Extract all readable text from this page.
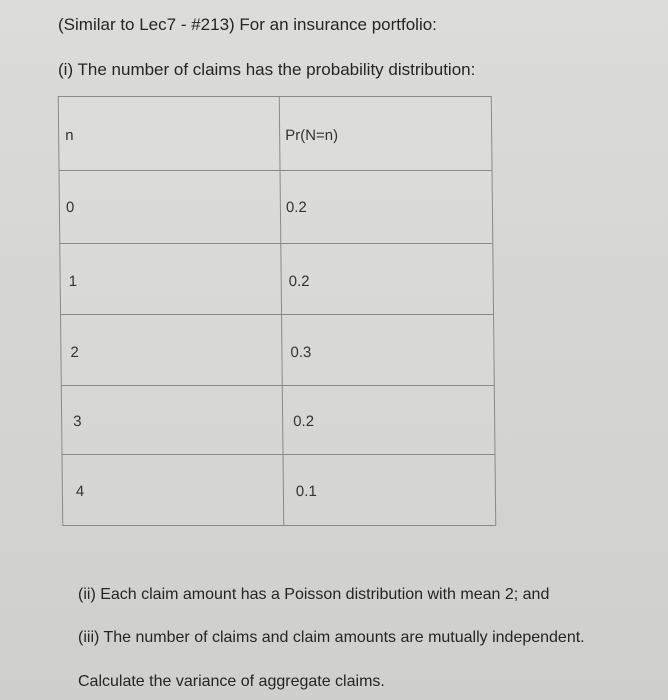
(Similar to Lec7 - #213) For an insurance portfolio:
(i) The number of claims has the probability distribution:
n	Pr(N=n)
0	0.2
1	0.2
2	0.3
3	0.2
4	0.1
(ii) Each claim amount has a Poisson distribution with mean 2; and
(iii) The number of claims and claim amounts are mutually independent.
Calculate the variance of aggregate claims.
